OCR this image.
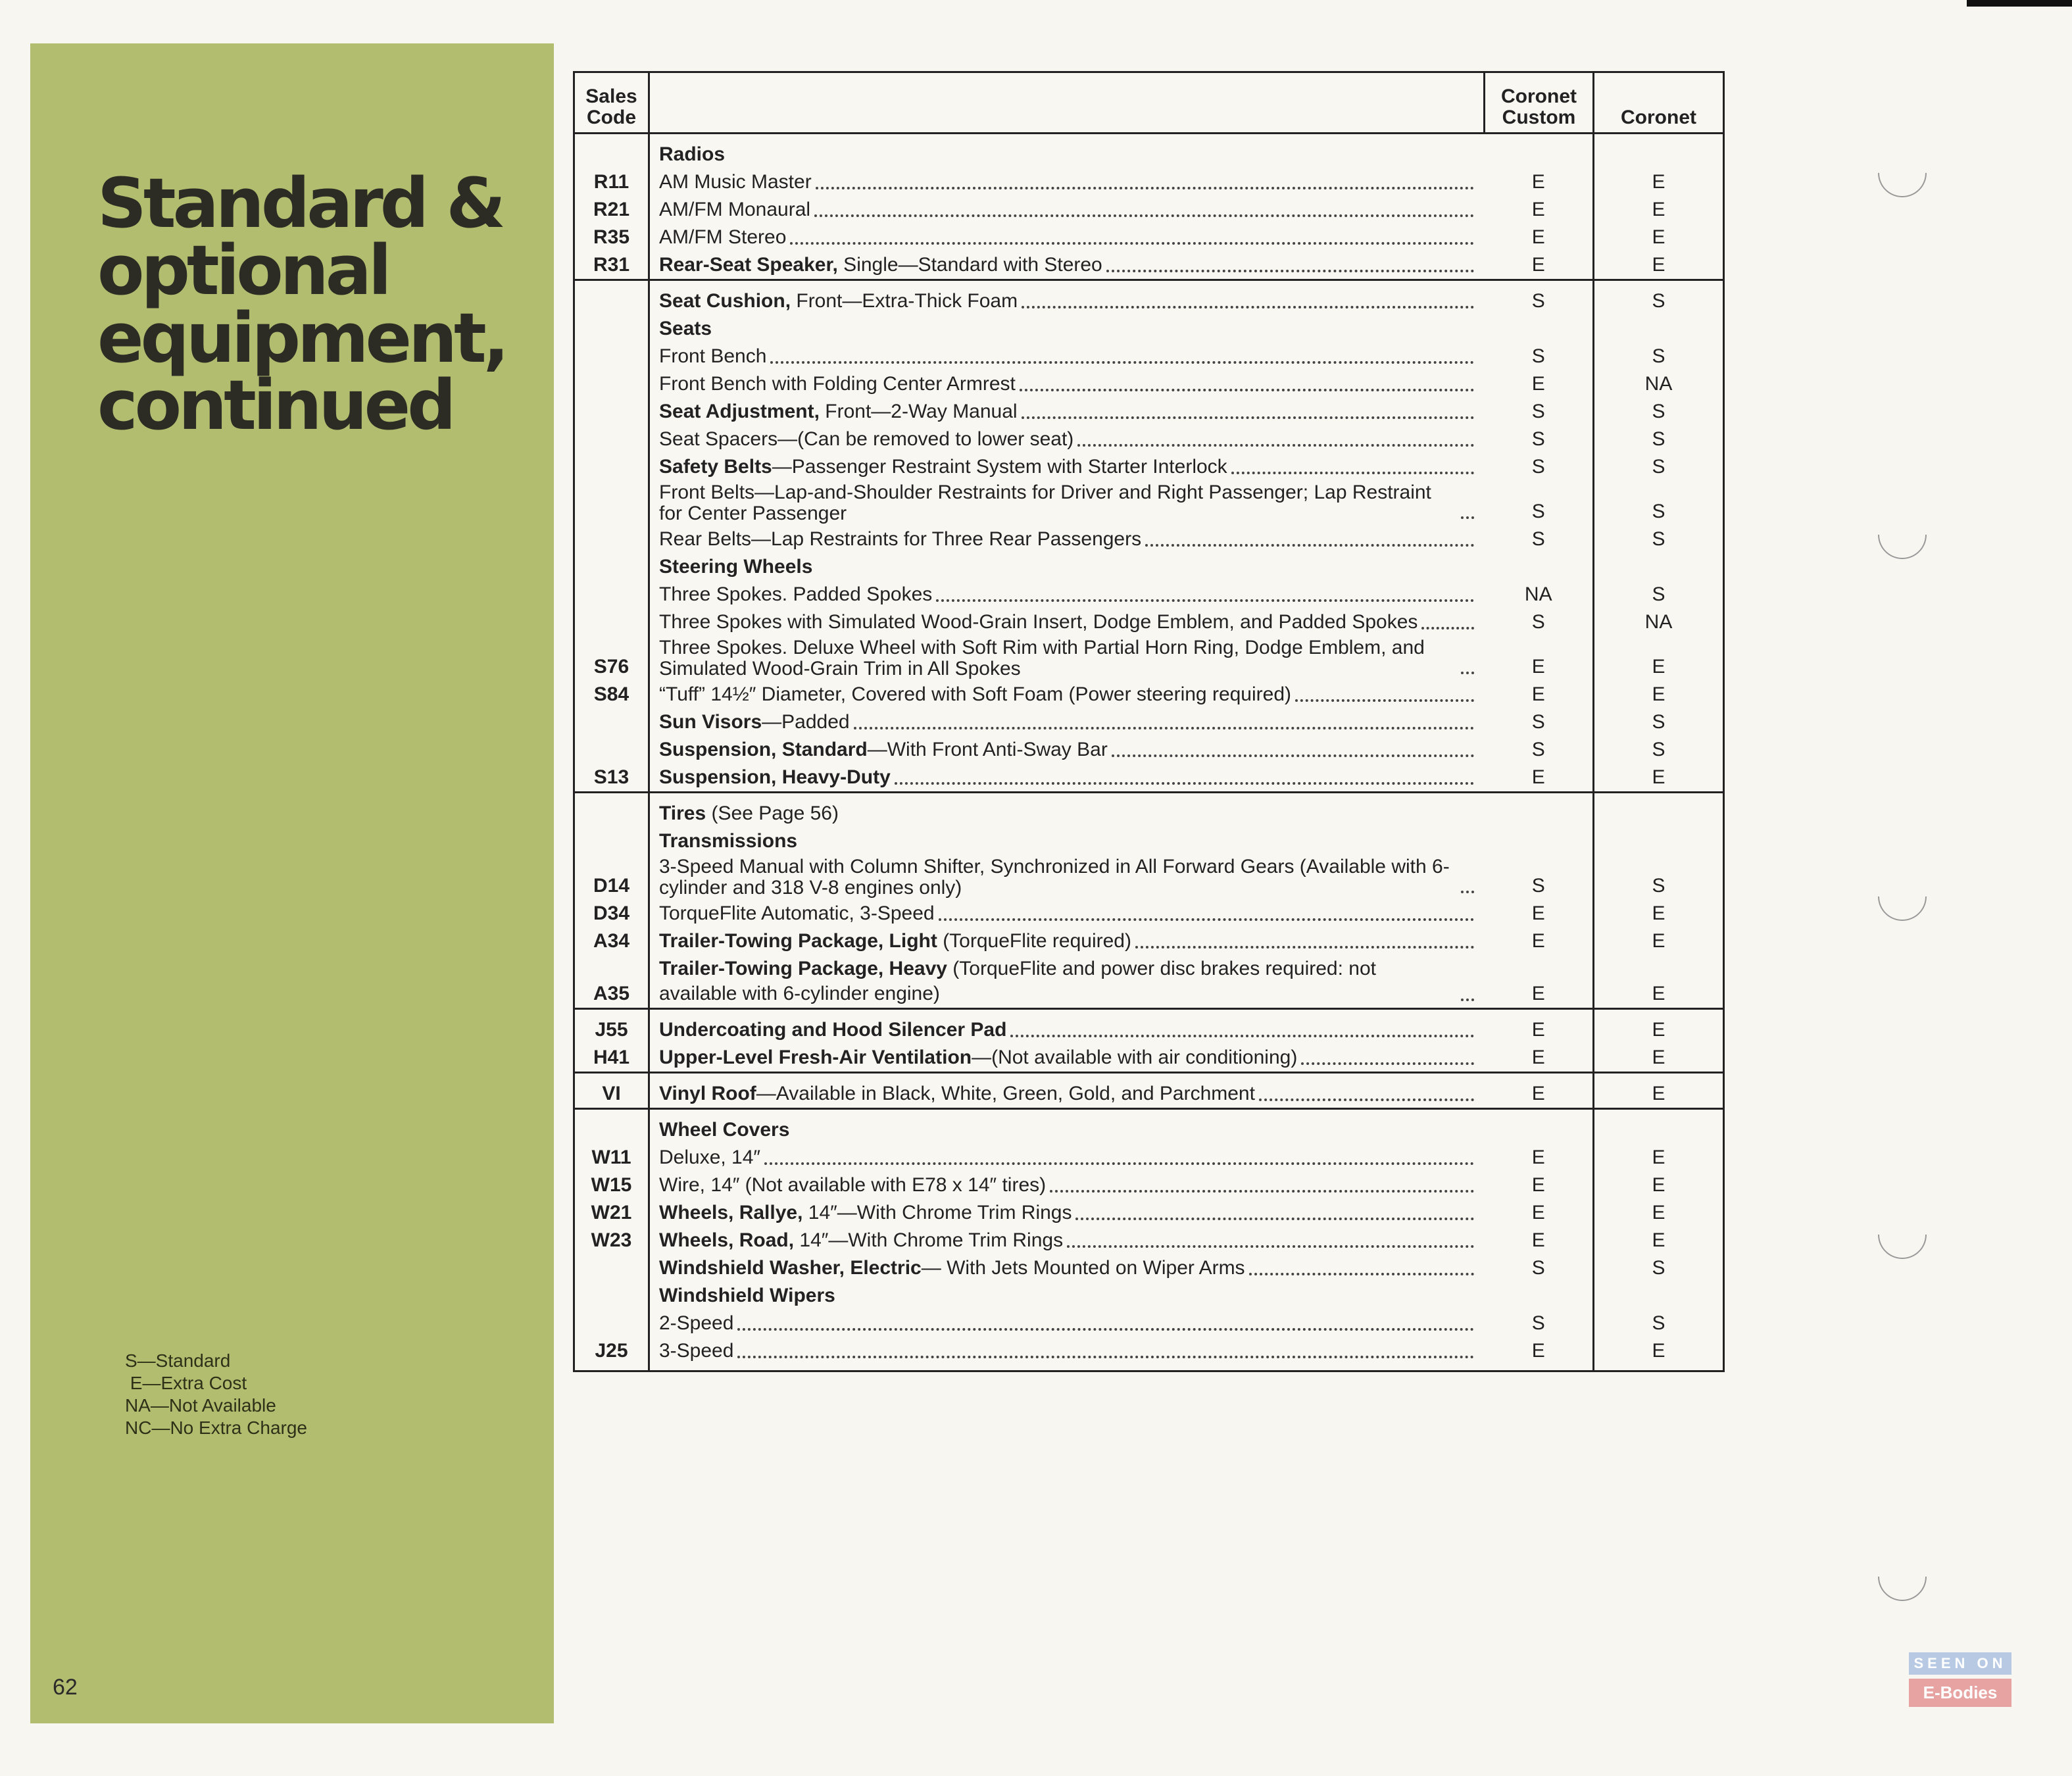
Standard & optional equipment, continued
S—Standard
E—Extra Cost
NA—Not Available
NC—No Extra Charge
62
Sales Code		Coronet Custom	Coronet

	Radios		

R11	AM Music Master	E	E
R21	AM/FM Monaural	E	E
R35	AM/FM Stereo	E	E
R31	Rear-Seat Speaker, Single—Standard with Stereo	E	E

	Seat Cushion, Front—Extra-Thick Foam	S	S

	Seats		

	Front Bench	S	S

	Front Bench with Folding Center Armrest	E	NA

	Seat Adjustment, Front—2-Way Manual	S	S

	Seat Spacers—(Can be removed to lower seat)	S	S

	Safety Belts—Passenger Restraint System with Starter Interlock	S	S

	Front Belts—Lap-and-Shoulder Restraints for Driver and Right Passenger; Lap Restraint for Center Passenger	S	S

	Rear Belts—Lap Restraints for Three Rear Passengers	S	S

	Steering Wheels		

	Three Spokes. Padded Spokes	NA	S

	Three Spokes with Simulated Wood-Grain Insert, Dodge Emblem, and Padded Spokes	S	NA
S76	Three Spokes. Deluxe Wheel with Soft Rim with Partial Horn Ring, Dodge Emblem, and Simulated Wood-Grain Trim in All Spokes	E	E
S84	“Tuff” 14½″ Diameter, Covered with Soft Foam (Power steering required)	E	E

	Sun Visors—Padded	S	S

	Suspension, Standard—With Front Anti-Sway Bar	S	S
S13	Suspension, Heavy-Duty	E	E

	Tires (See Page 56)		

	Transmissions		

D14	3-Speed Manual with Column Shifter, Synchronized in All Forward Gears (Available with 6-cylinder and 318 V-8 engines only)	S	S
D34	TorqueFlite Automatic, 3-Speed	E	E
A34	Trailer-Towing Package, Light (TorqueFlite required)	E	E
A35	Trailer-Towing Package, Heavy (TorqueFlite and power disc brakes required: not available with 6-cylinder engine)	E	E
J55	Undercoating and Hood Silencer Pad	E	E
H41	Upper-Level Fresh-Air Ventilation—(Not available with air conditioning)	E	E
VI	Vinyl Roof—Available in Black, White, Green, Gold, and Parchment	E	E

	Wheel Covers		

W11	Deluxe, 14″	E	E
W15	Wire, 14″ (Not available with E78 x 14″ tires)	E	E
W21	Wheels, Rallye, 14″—With Chrome Trim Rings	E	E
W23	Wheels, Road, 14″—With Chrome Trim Rings	E	E

	Windshield Washer, Electric— With Jets Mounted on Wiper Arms	S	S

	Windshield Wipers		

	2-Speed	S	S
J25	3-Speed	E	E
SEEN ON
E-Bodies
